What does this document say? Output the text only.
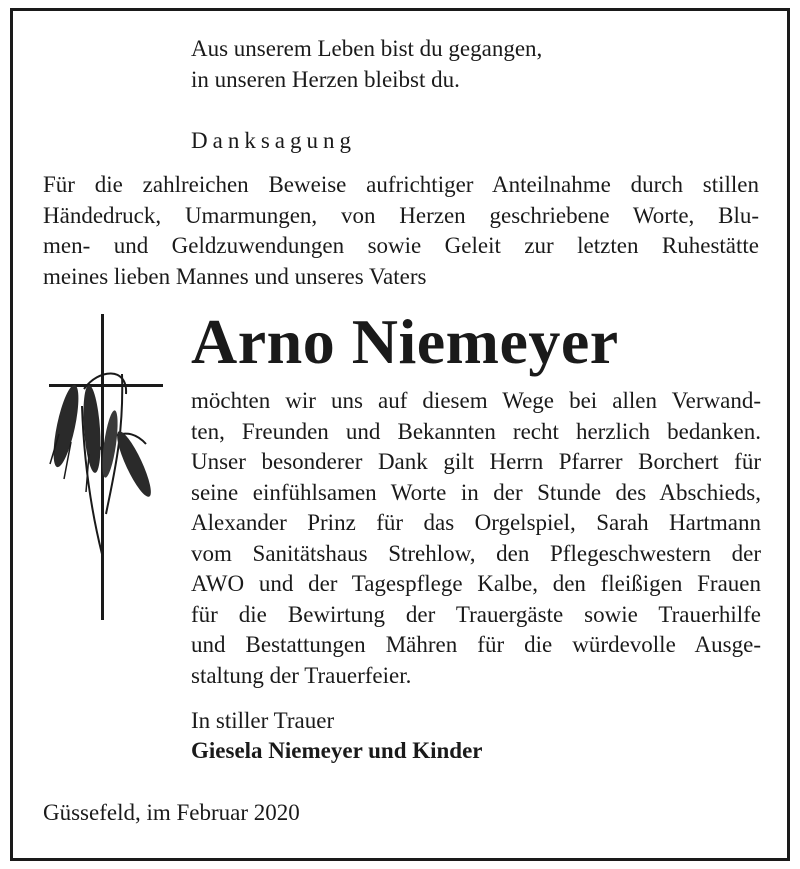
Aus unserem Leben bist du gegangen,
in unseren Herzen bleibst du.
Danksagung
Für die zahlreichen Beweise aufrichtiger Anteilnahme durch stillen
Händedruck, Umarmungen, von Herzen geschriebene Worte, Blu-
men- und Geldzuwendungen sowie Geleit zur letzten Ruhestätte
meines lieben Mannes und unseres Vaters
Arno Niemeyer
möchten wir uns auf diesem Wege bei allen Verwand-
ten, Freunden und Bekannten recht herzlich bedanken.
Unser besonderer Dank gilt Herrn Pfarrer Borchert für
seine einfühlsamen Worte in der Stunde des Abschieds,
Alexander Prinz für das Orgelspiel, Sarah Hartmann
vom Sanitätshaus Strehlow, den Pflegeschwestern der
AWO und der Tagespflege Kalbe, den fleißigen Frauen
für die Bewirtung der Trauergäste sowie Trauerhilfe
und Bestattungen Mähren für die würdevolle Ausge-
staltung der Trauerfeier.
In stiller Trauer
Giesela Niemeyer und Kinder
Güssefeld, im Februar 2020
